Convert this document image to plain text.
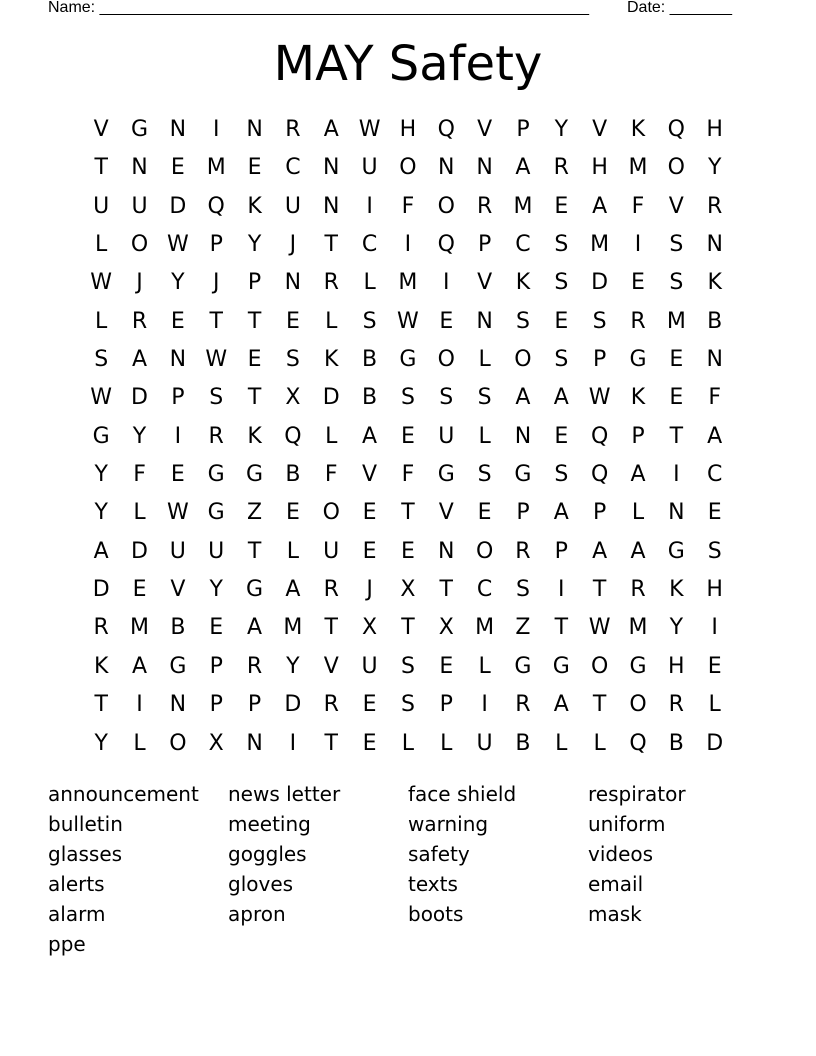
Name: _______________________________________________________ Date: _______
MAY Safety
V	G N	I	N	R	A W H Q	V	P	Y	V	K	Q H
T	N	E M E	C	N	U O N N	A	R	H M O	Y
U	U D Q	K	U	N	I	F	O	R M E	A	F	V	R
L	O W P	Y	J	T	C	I	Q	P	C	S M	I	S	N
W	J	Y	J	P	N	R	L	M	I	V	K	S	D	E	S	K
L	R	E	T	T	E	L	S W E	N	S	E	S	R M B
S	A	N W E	S	K	B	G O	L	O	S	P	G	E	N
W D	P	S	T	X	D	B	S	S	S	A	A W K	E	F
G	Y	I	R	K	Q	L	A	E	U	L	N	E	Q	P	T	A
Y	F	E	G G	B	F	V	F	G	S	G	S	Q	A	I	C
Y	L W G	Z	E	O	E	T	V	E	P	A	P	L	N	E
A	D U	U	T	L	U	E	E	N O	R	P	A	A	G	S
D	E	V	Y	G	A	R	J	X	T	C	S	I	T	R	K	H
R M B	E	A M	T	X	T	X M Z	T W M	Y	I
K	A	G	P	R	Y	V	U	S	E	L	G G O G H	E
T	I	N	P	P	D	R	E	S	P	I	R	A	T	O	R	L
Y	L	O	X	N	I	T	E	L	L	U	B	L	L	Q	B	D
announcement	news letter	face shield	respirator
bulletin	meeting	warning	uniform
glasses	goggles	safety	videos
alerts	gloves	texts	email
alarm	apron	boots	mask
ppe
